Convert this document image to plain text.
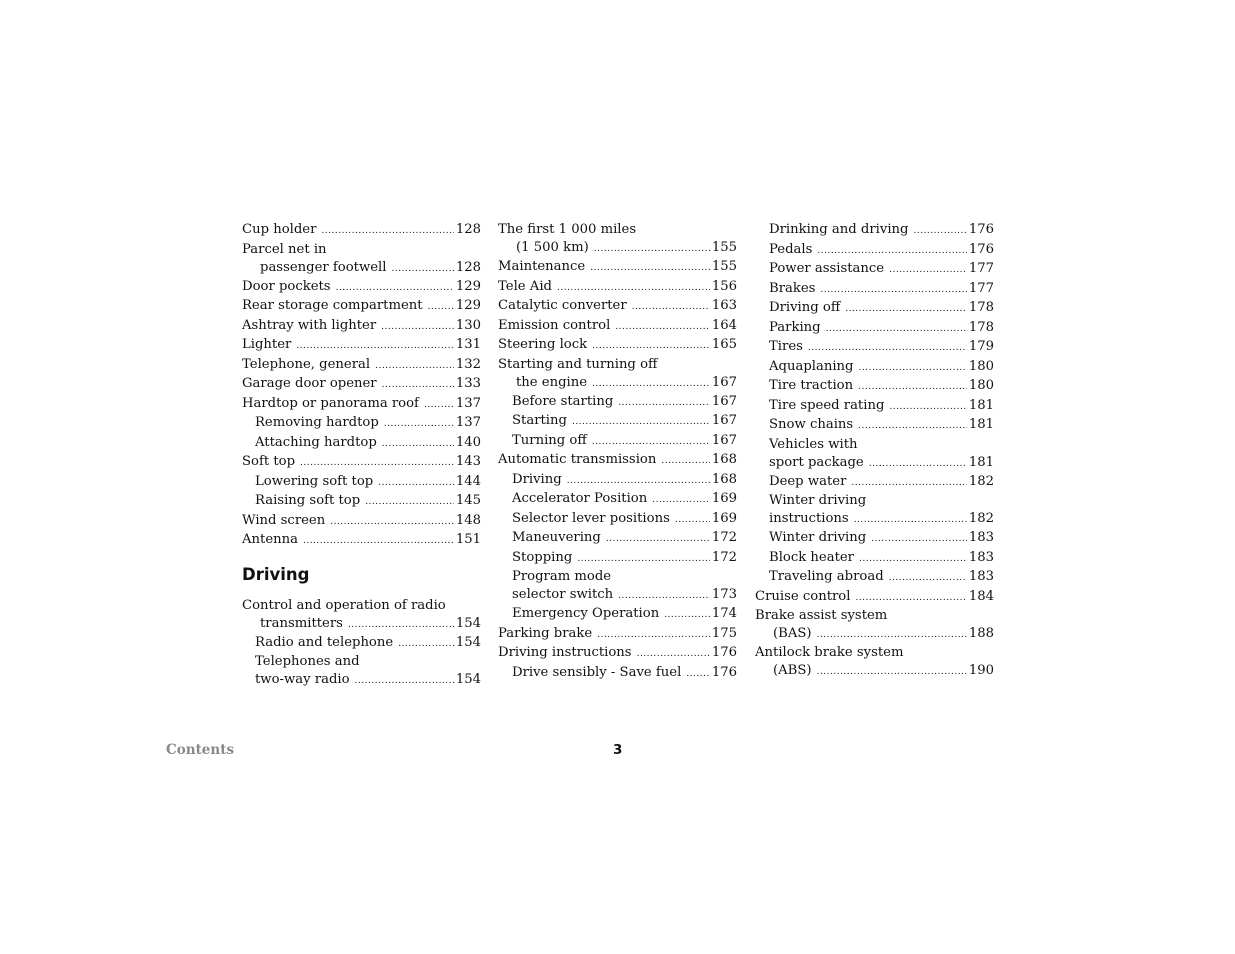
Cup holder .....	128
Parcel net in
passenger footwell .....	128
Door pockets .....	129
Rear storage compartment .....	129
Ashtray with lighter .....	130
Lighter .....	131
Telephone, general .....	132
Garage door opener .....	133
Hardtop or panorama roof .....	137
Removing hardtop .....	137
Attaching hardtop .....	140
Soft top .....	143
Lowering soft top .....	144
Raising soft top .....	145
Wind screen .....	148
Antenna .....	151
Driving
Control and operation of radio
transmitters .....	154
Radio and telephone .....	154
Telephones and
two-way radio .....	154
The first 1 000 miles
(1 500 km) .....	155
Maintenance .....	155
Tele Aid .....	156
Catalytic converter .....	163
Emission control .....	164
Steering lock .....	165
Starting and turning off
the engine .....	167
Before starting .....	167
Starting .....	167
Turning off .....	167
Automatic transmission .....	168
Driving .....	168
Accelerator Position .....	169
Selector lever positions .....	169
Maneuvering .....	172
Stopping .....	172
Program mode
selector switch .....	173
Emergency Operation .....	174
Parking brake .....	175
Driving instructions .....	176
Drive sensibly - Save fuel ..... 176
Drinking and driving .....	176
Pedals .....	176
Power assistance .....	177
Brakes .....	177
Driving off .....	178
Parking .....	178
Tires .....	179
Aquaplaning .....	180
Tire traction .....	180
Tire speed rating .....	181
Snow chains .....	181
Vehicles with
sport package .....	181
Deep water .....	182
Winter driving
instructions .....	182
Winter driving .....	183
Block heater .....	183
Traveling abroad .....	183
Cruise control .....	184
Brake assist system
(BAS) .....	188
Antilock brake system
(ABS) .....	190
Contents	3
